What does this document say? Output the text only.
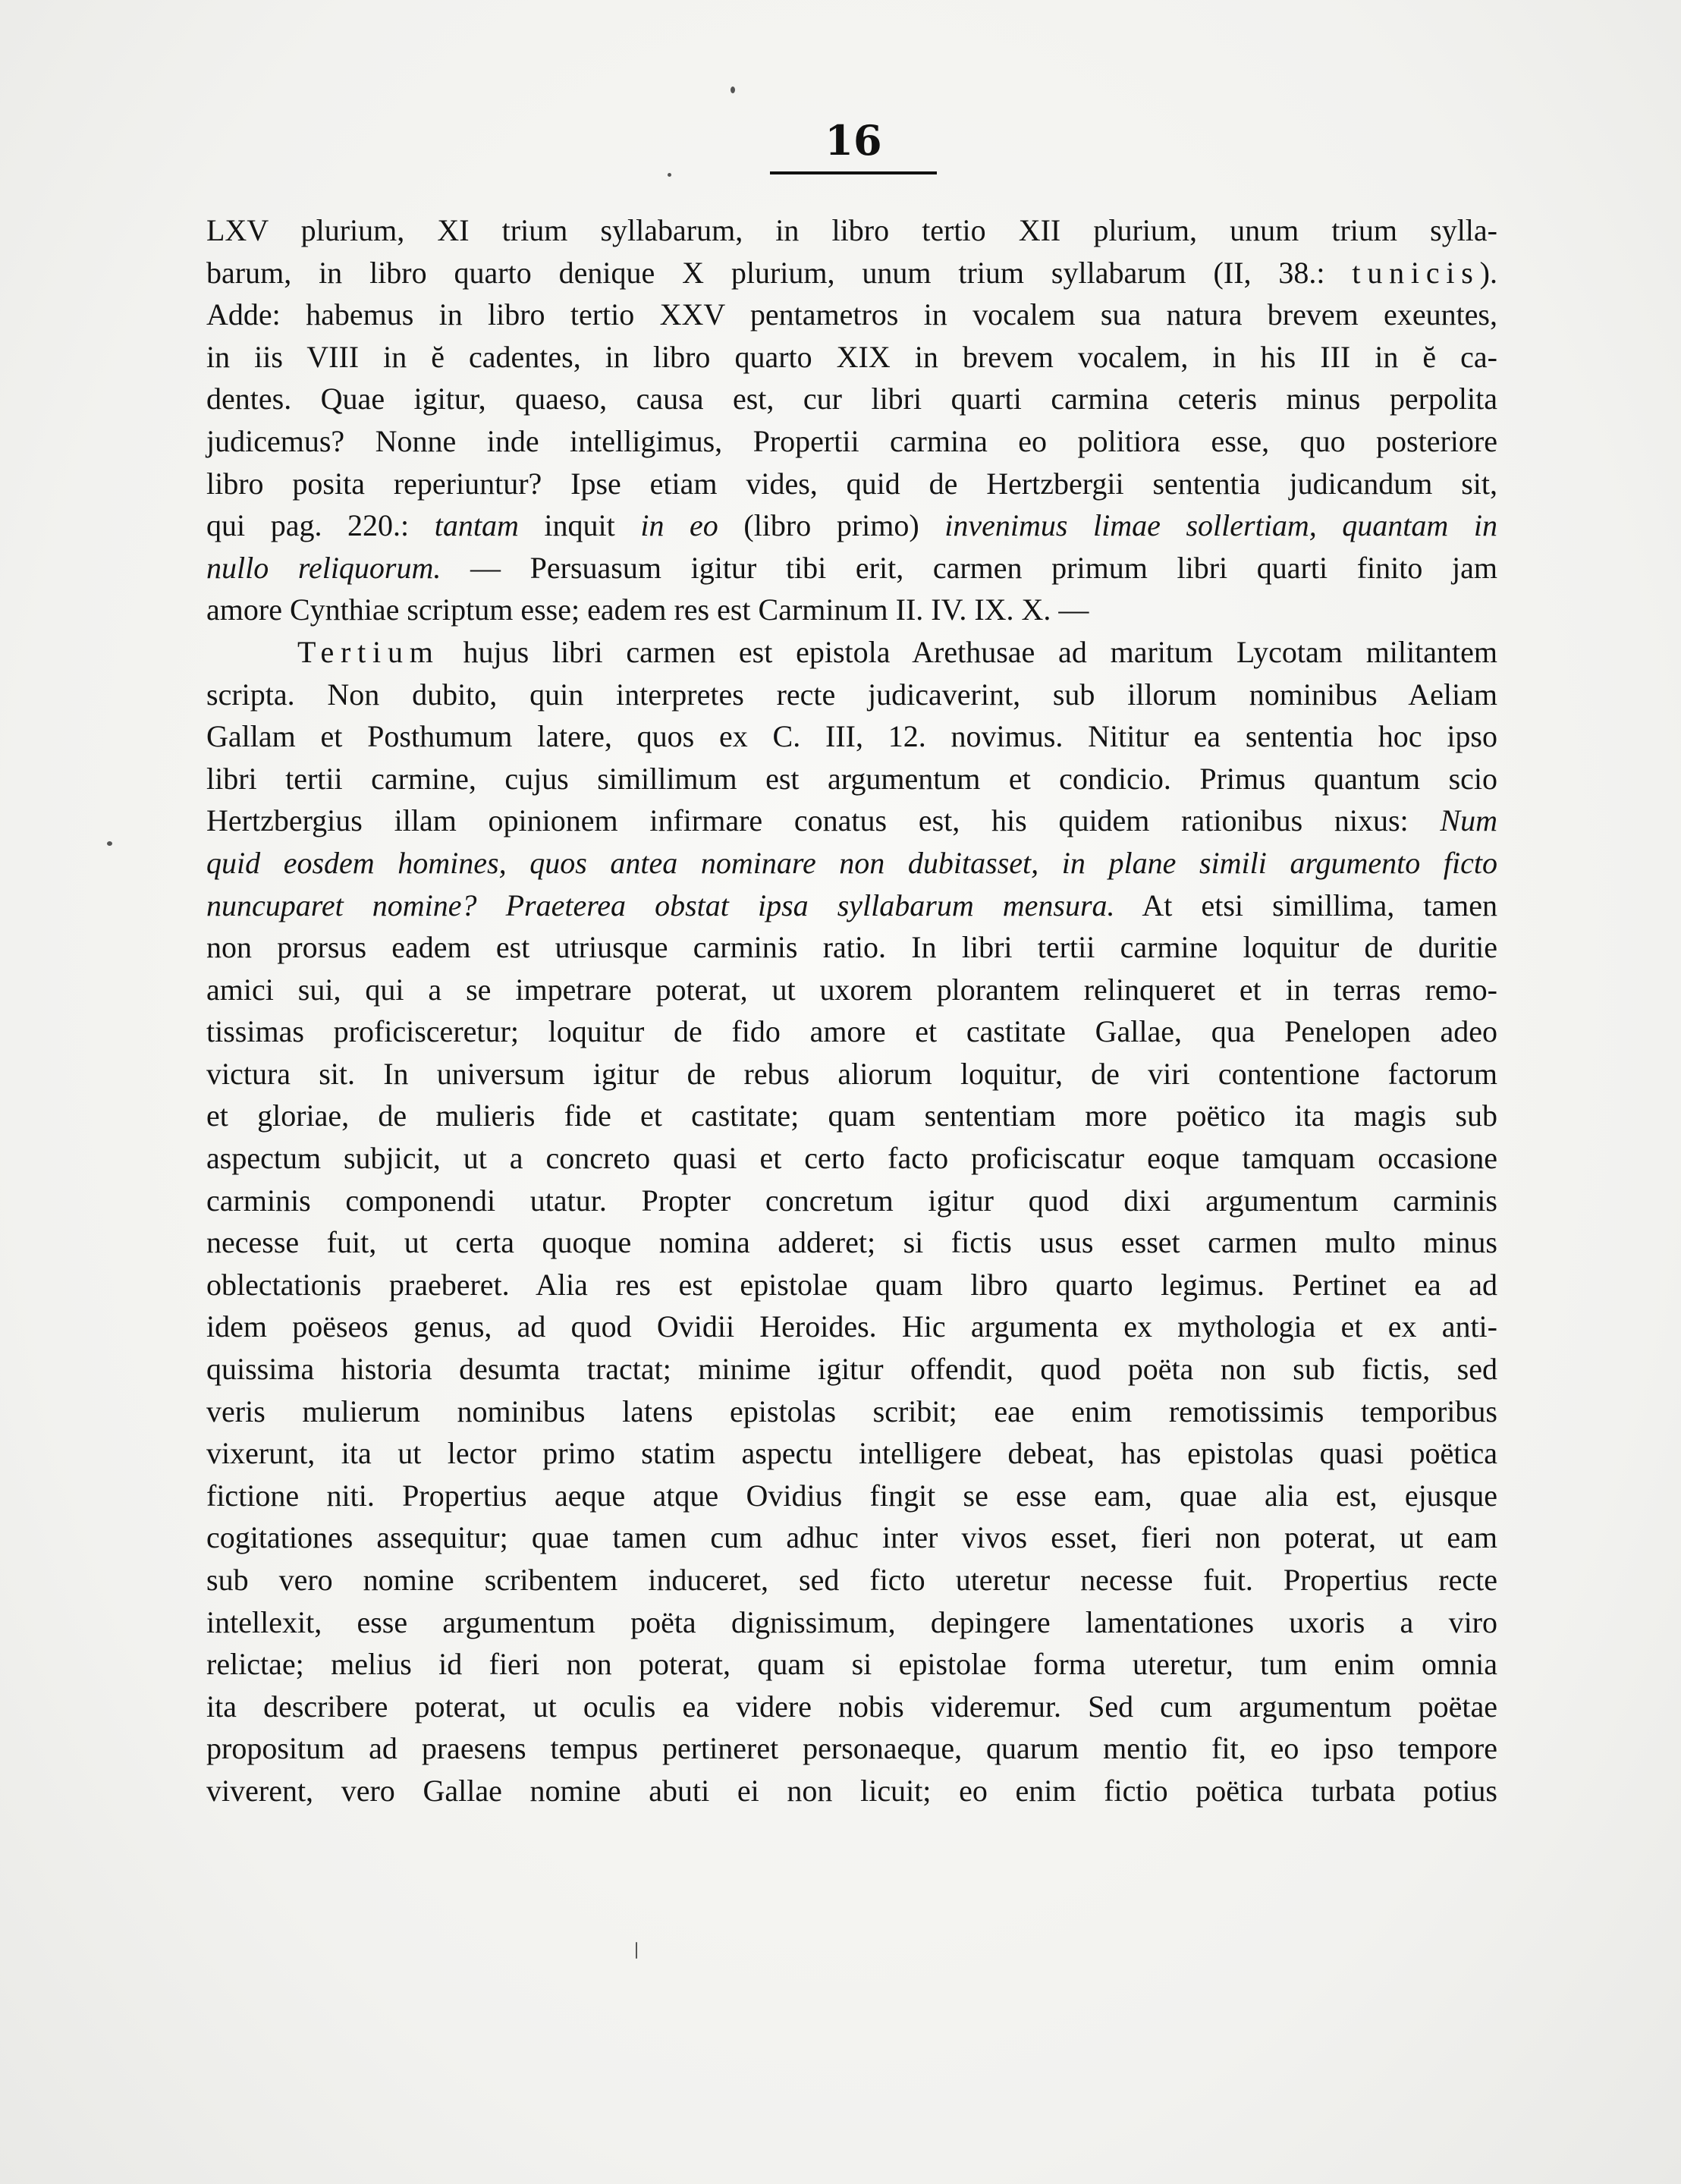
16
LXV plurium, XI trium syllabarum, in libro tertio XII plurium, unum trium sylla-
barum, in libro quarto denique X plurium, unum trium syllabarum (II, 38.: tunicis).
Adde: habemus in libro tertio XXV pentametros in vocalem sua natura brevem exeuntes,
in iis VIII in ĕ cadentes, in libro quarto XIX in brevem vocalem, in his III in ĕ ca-
dentes. Quae igitur, quaeso, causa est, cur libri quarti carmina ceteris minus perpolita
judicemus? Nonne inde intelligimus, Propertii carmina eo politiora esse, quo posteriore
libro posita reperiuntur? Ipse etiam vides, quid de Hertzbergii sententia judicandum sit,
qui pag. 220.: tantam inquit in eo (libro primo) invenimus limae sollertiam, quantam in
nullo reliquorum. — Persuasum igitur tibi erit, carmen primum libri quarti finito jam
amore Cynthiae scriptum esse; eadem res est Carminum II. IV. IX. X. —
Tertium hujus libri carmen est epistola Arethusae ad maritum Lycotam militantem
scripta. Non dubito, quin interpretes recte judicaverint, sub illorum nominibus Aeliam
Gallam et Posthumum latere, quos ex C. III, 12. novimus. Nititur ea sententia hoc ipso
libri tertii carmine, cujus simillimum est argumentum et condicio. Primus quantum scio
Hertzbergius illam opinionem infirmare conatus est, his quidem rationibus nixus: Num
quid eosdem homines, quos antea nominare non dubitasset, in plane simili argumento ficto
nuncuparet nomine? Praeterea obstat ipsa syllabarum mensura. At etsi simillima, tamen
non prorsus eadem est utriusque carminis ratio. In libri tertii carmine loquitur de duritie
amici sui, qui a se impetrare poterat, ut uxorem plorantem relinqueret et in terras remo-
tissimas proficisceretur; loquitur de fido amore et castitate Gallae, qua Penelopen adeo
victura sit. In universum igitur de rebus aliorum loquitur, de viri contentione factorum
et gloriae, de mulieris fide et castitate; quam sententiam more poëtico ita magis sub
aspectum subjicit, ut a concreto quasi et certo facto proficiscatur eoque tamquam occasione
carminis componendi utatur. Propter concretum igitur quod dixi argumentum carminis
necesse fuit, ut certa quoque nomina adderet; si fictis usus esset carmen multo minus
oblectationis praeberet. Alia res est epistolae quam libro quarto legimus. Pertinet ea ad
idem poëseos genus, ad quod Ovidii Heroides. Hic argumenta ex mythologia et ex anti-
quissima historia desumta tractat; minime igitur offendit, quod poëta non sub fictis, sed
veris mulierum nominibus latens epistolas scribit; eae enim remotissimis temporibus
vixerunt, ita ut lector primo statim aspectu intelligere debeat, has epistolas quasi poëtica
fictione niti. Propertius aeque atque Ovidius fingit se esse eam, quae alia est, ejusque
cogitationes assequitur; quae tamen cum adhuc inter vivos esset, fieri non poterat, ut eam
sub vero nomine scribentem induceret, sed ficto uteretur necesse fuit. Propertius recte
intellexit, esse argumentum poëta dignissimum, depingere lamentationes uxoris a viro
relictae; melius id fieri non poterat, quam si epistolae forma uteretur, tum enim omnia
ita describere poterat, ut oculis ea videre nobis videremur. Sed cum argumentum poëtae
propositum ad praesens tempus pertineret personaeque, quarum mentio fit, eo ipso tempore
viverent, vero Gallae nomine abuti ei non licuit; eo enim fictio poëtica turbata potius
